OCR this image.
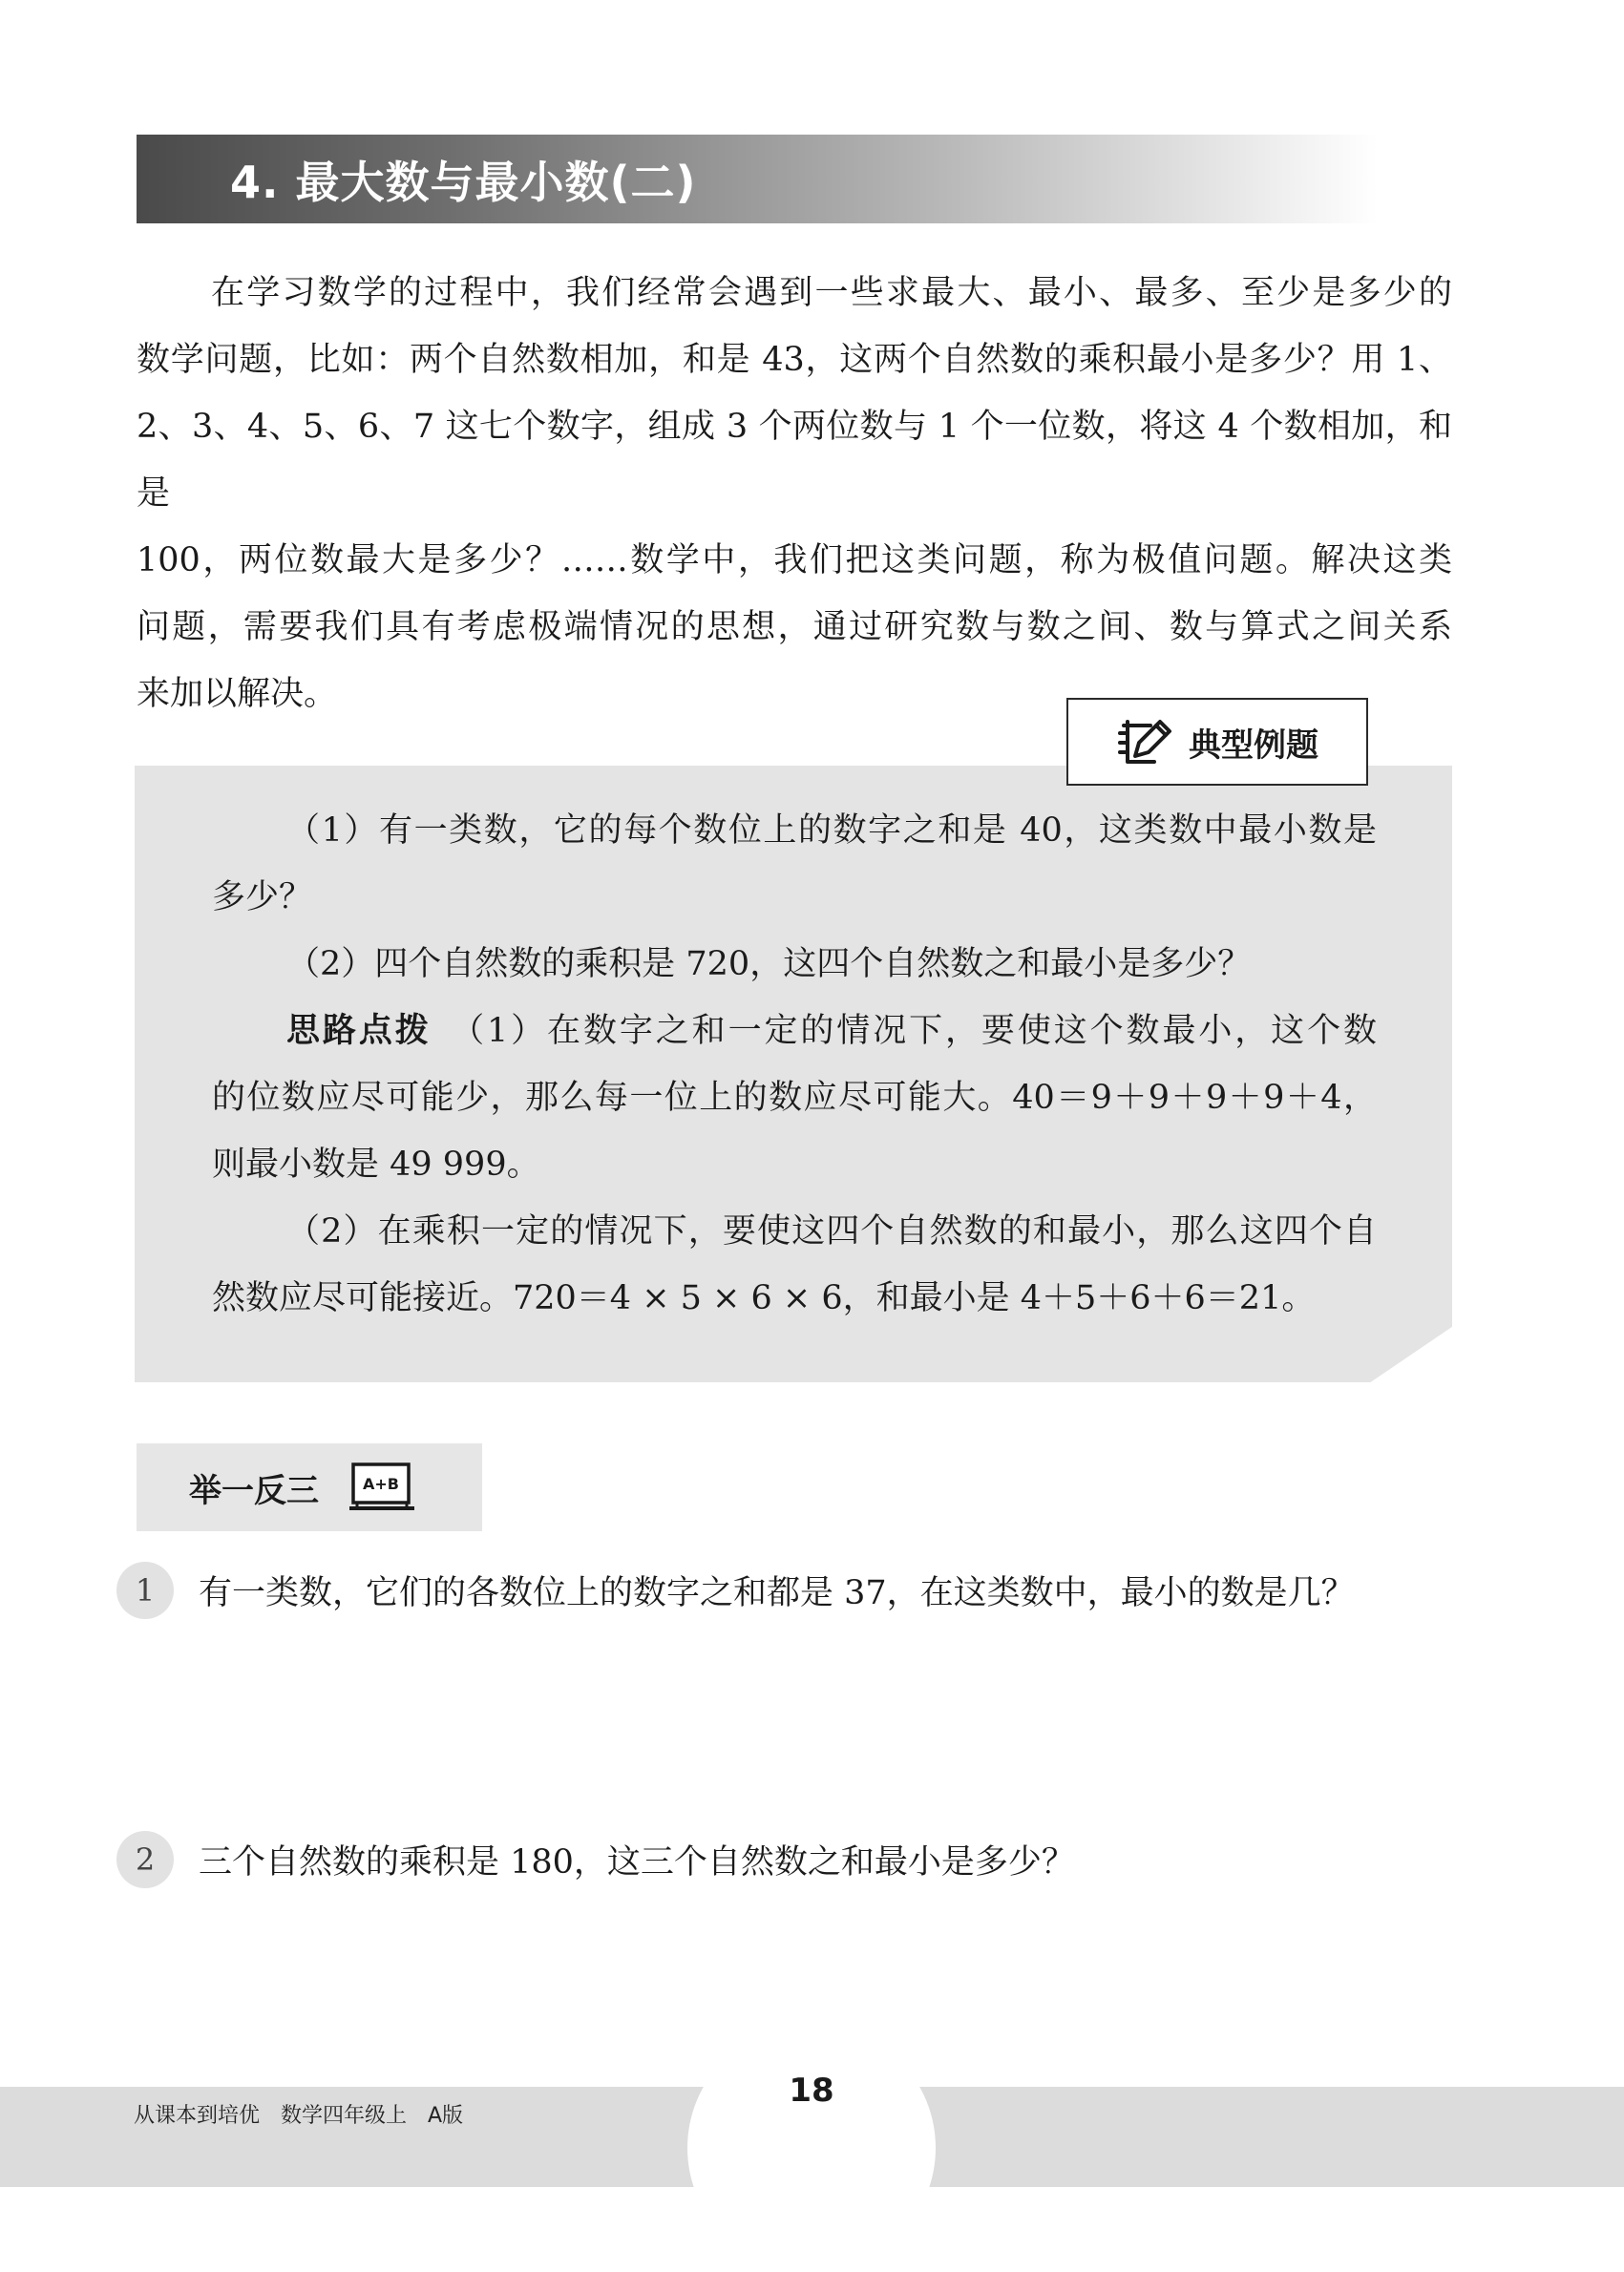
4. 最大数与最小数(二)
在学习数学的过程中，我们经常会遇到一些求最大、最小、最多、至少是多少的
数学问题，比如：两个自然数相加，和是 43，这两个自然数的乘积最小是多少？用 1、
2、3、4、5、6、7 这七个数字，组成 3 个两位数与 1 个一位数，将这 4 个数相加，和是
100，两位数最大是多少？……数学中，我们把这类问题，称为极值问题。解决这类
问题，需要我们具有考虑极端情况的思想，通过研究数与数之间、数与算式之间关系
来加以解决。
典型例题
（1）有一类数，它的每个数位上的数字之和是 40，这类数中最小数是
多少？
（2）四个自然数的乘积是 720，这四个自然数之和最小是多少？
思路点拨　 （1）在数字之和一定的情况下，要使这个数最小，这个数
的位数应尽可能少，那么每一位上的数应尽可能大。40＝9＋9＋9＋9＋4，
则最小数是 49 999。
（2）在乘积一定的情况下，要使这四个自然数的和最小，那么这四个自
然数应尽可能接近。720＝4 × 5 × 6 × 6，和最小是 4＋5＋6＋6＝21。
举一反三	A+B
1	有一类数，它们的各数位上的数字之和都是 37，在这类数中，最小的数是几？
2	三个自然数的乘积是 180，这三个自然数之和最小是多少？
18
从课本到培优　数学四年级上　A版
